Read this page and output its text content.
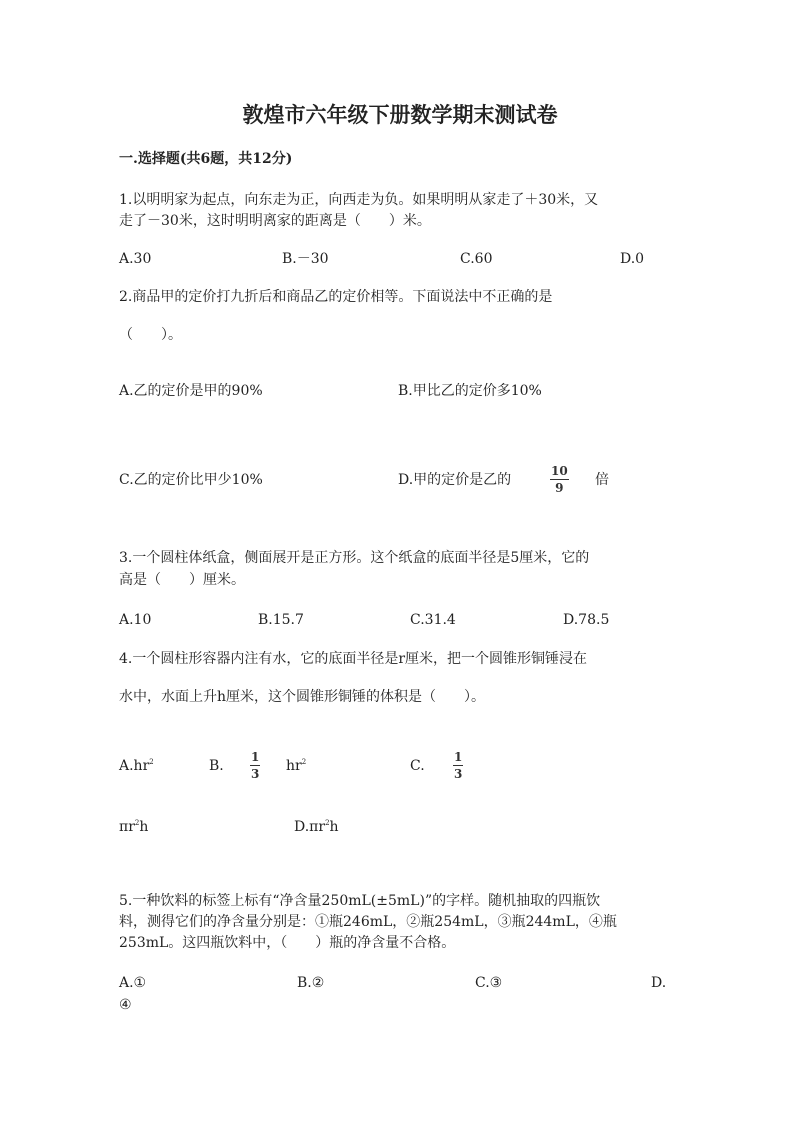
敦煌市六年级下册数学期末测试卷
一.选择题(共6题，共12分)
1.以明明家为起点，向东走为正，向西走为负。如果明明从家走了＋30米，又
走了－30米，这时明明离家的距离是（　　）米。
A.30	B.－30	C.60	D.0
2.商品甲的定价打九折后和商品乙的定价相等。下面说法中不正确的是
（　　）。
A.乙的定价是甲的90%	B.甲比乙的定价多10%
C.乙的定价比甲少10%	D.甲的定价是乙的
10
9 倍
3.一个圆柱体纸盒，侧面展开是正方形。这个纸盒的底面半径是5厘米，它的
高是（　　）厘米。
A.10	B.15.7	C.31.4	D.78.5
4.一个圆柱形容器内注有水，它的底面半径是r厘米，把一个圆锥形铜锤浸在
水中，水面上升h厘米，这个圆锥形铜锤的体积是（　　）。
$A.hr^2$	B.
1
3 $hr^2$	C.
1
3
$\pi r^2h$	$D.\pi r^2h$
5.一种饮料的标签上标有“净含量250mL(±5mL)”的字样。随机抽取的四瓶饮
料，测得它们的净含量分别是：①瓶246mL，②瓶254mL，③瓶244mL，④瓶
253mL。这四瓶饮料中，（　　）瓶的净含量不合格。
A.①	B.②	C.③	D.
④
